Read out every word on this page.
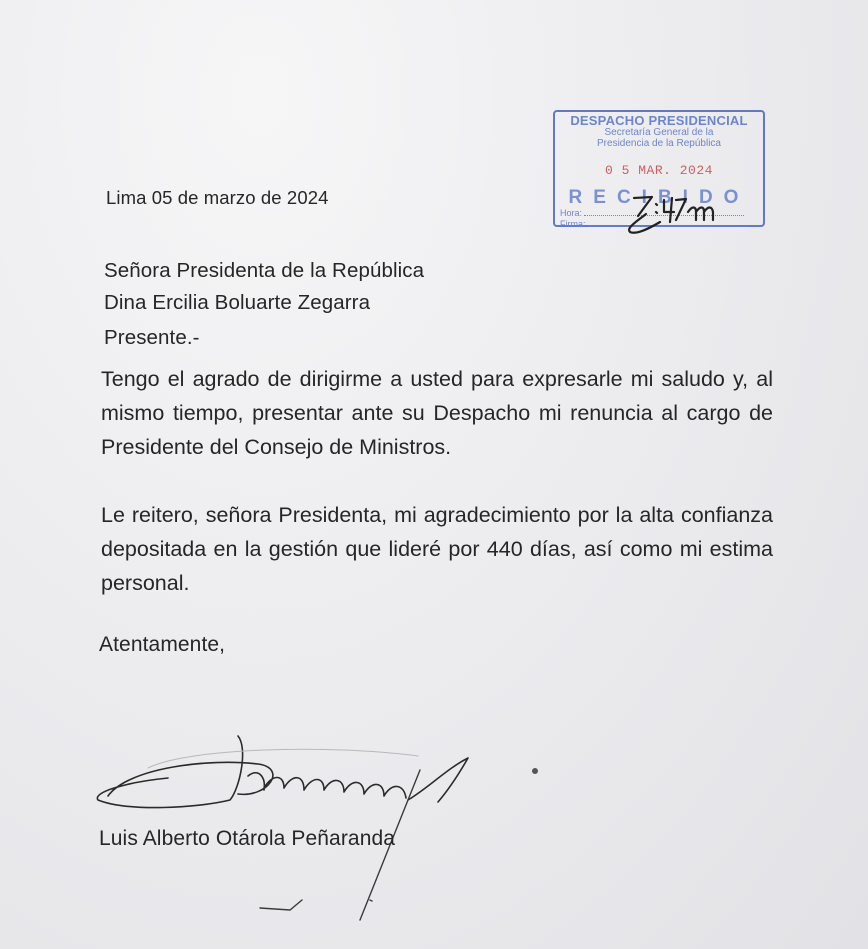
Lima 05 de marzo de 2024
DESPACHO PRESIDENCIAL
Secretaría General de la
Presidencia de la República
0 5 MAR. 2024
RECIBIDO
Hora:
Firma:
Señora Presidenta de la República
Dina Ercilia Boluarte Zegarra
Presente.-
Tengo el agrado de dirigirme a usted para expresarle mi saludo y, al mismo tiempo, presentar ante su Despacho mi renuncia al cargo de Presidente del Consejo de Ministros.
Le reitero, señora Presidenta, mi agradecimiento por la alta confianza depositada en la gestión que lideré por 440 días, así como mi estima personal.
Atentamente,
Luis Alberto Otárola Peñaranda
